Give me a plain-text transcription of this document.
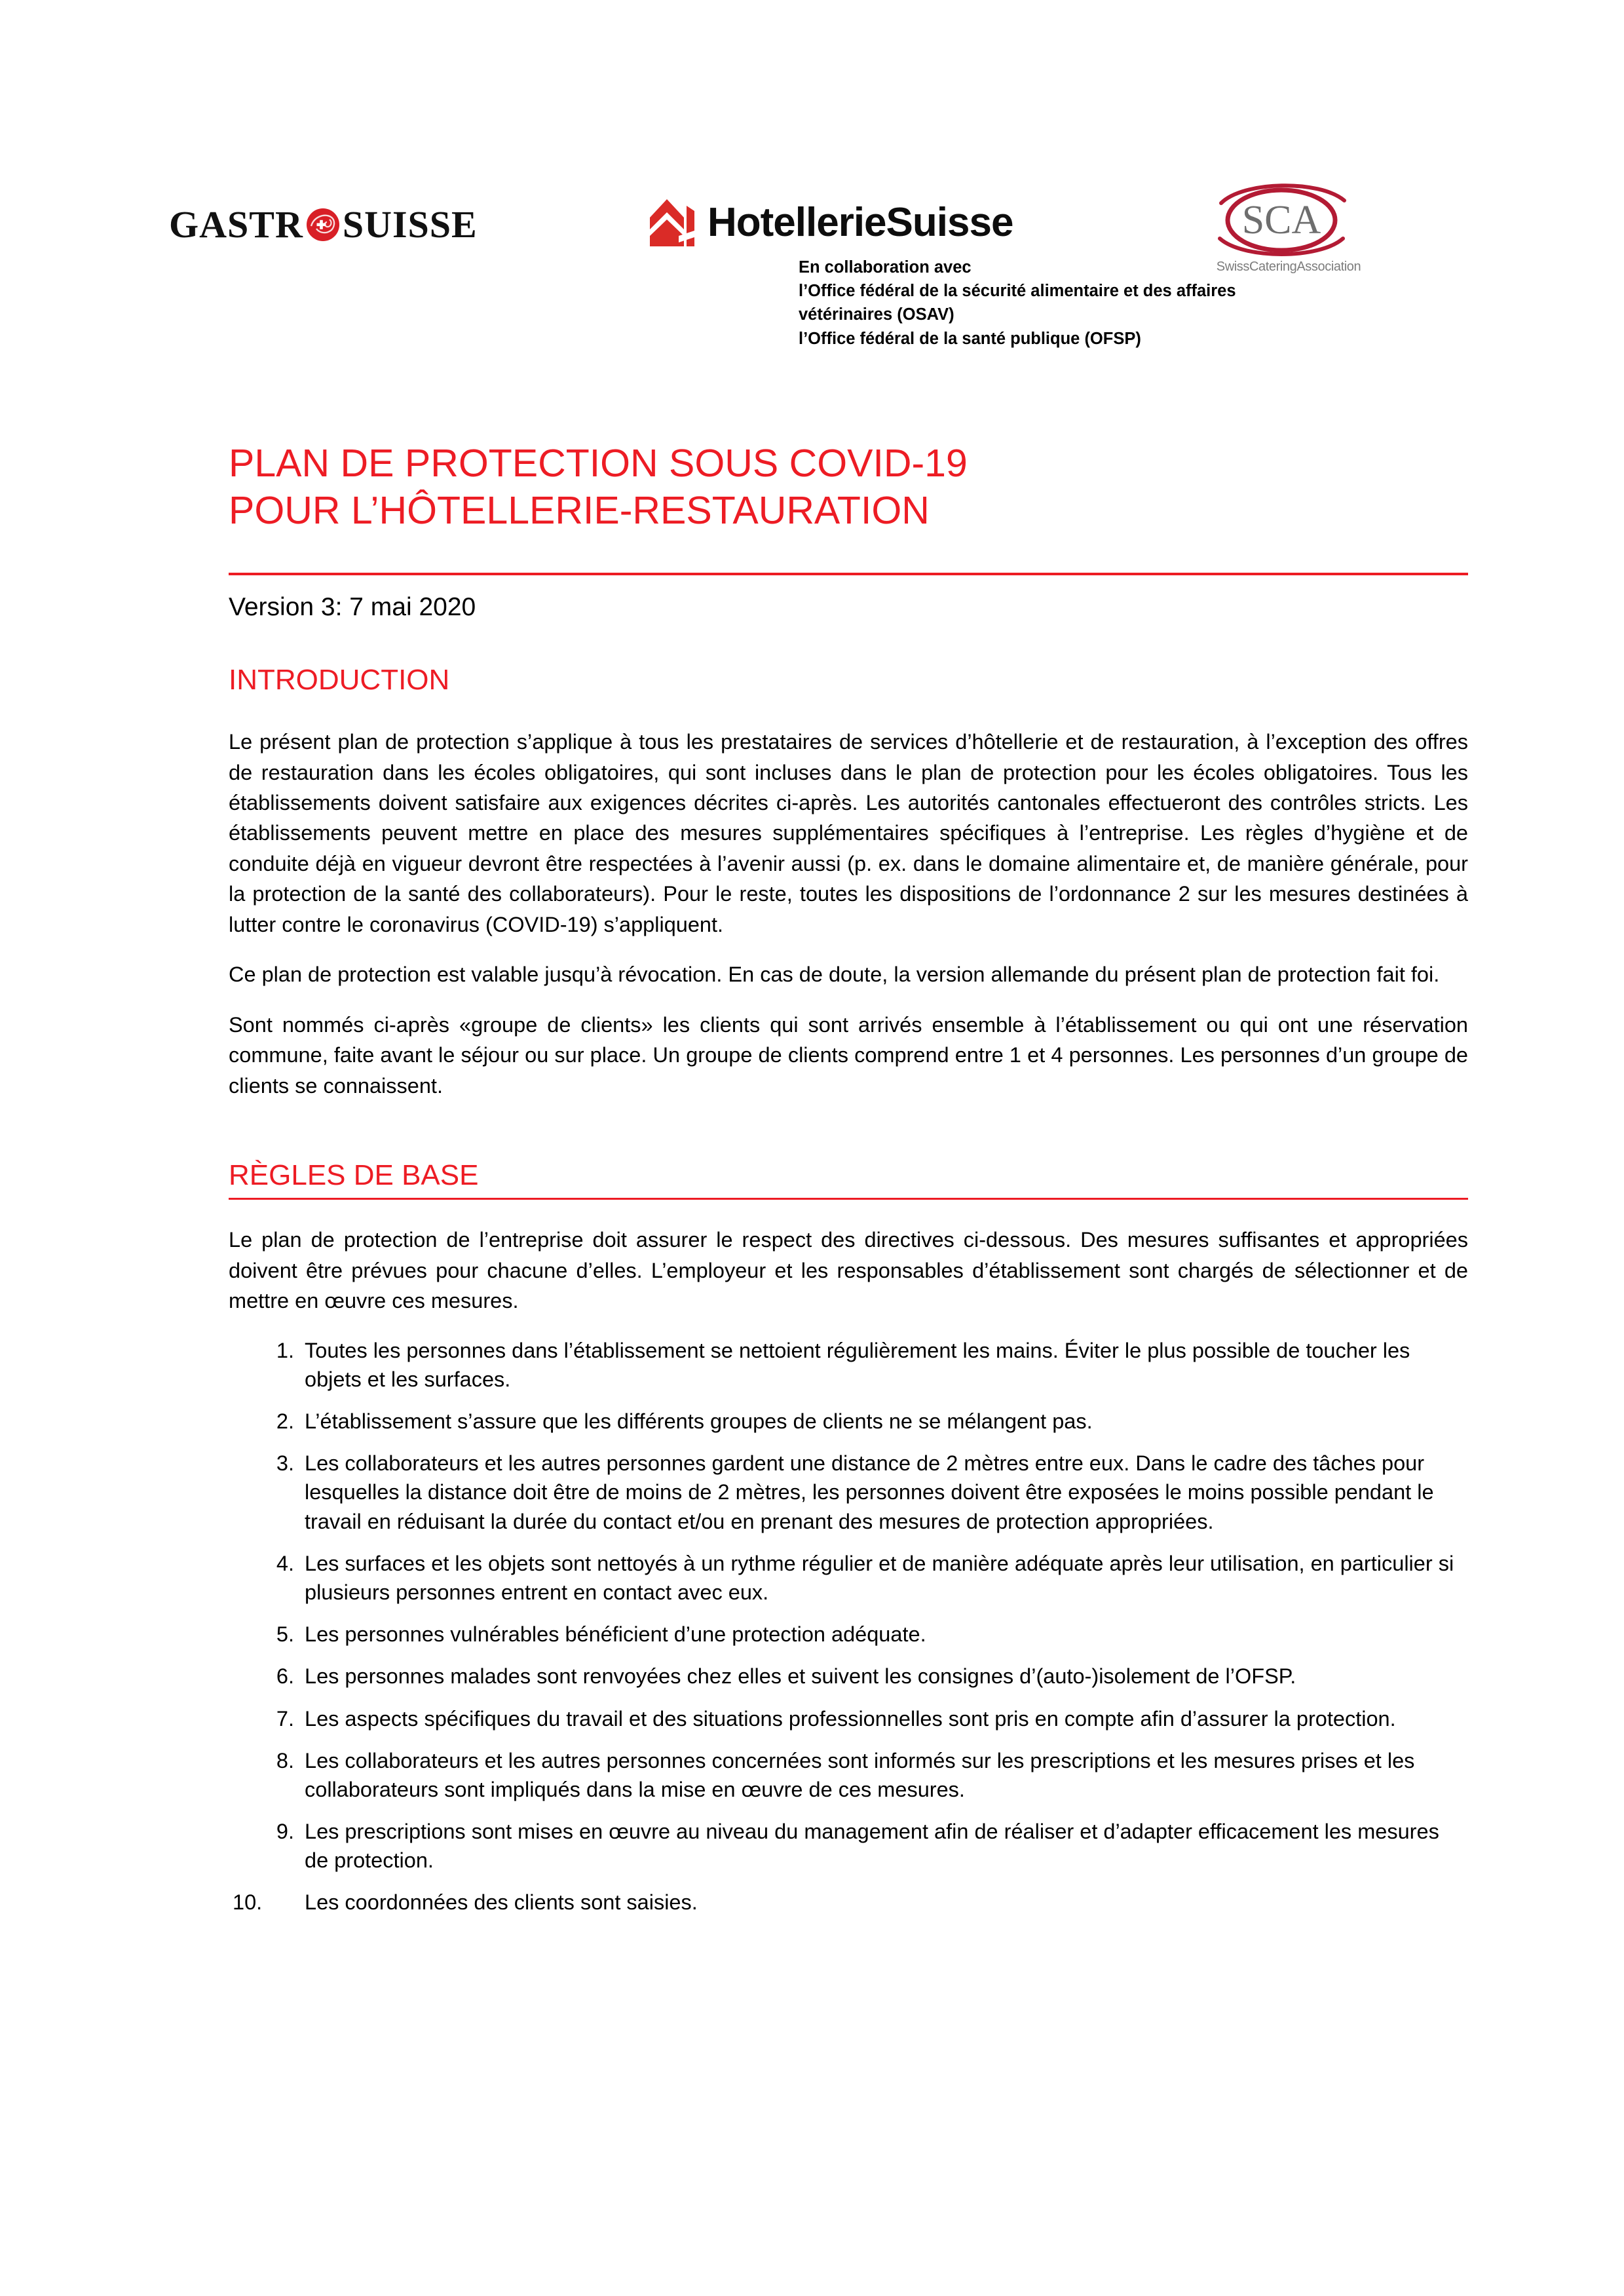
GASTR SUISSE	HotellerieSuisse	SCA
SwissCateringAssociation
En collaboration avec
l’Office fédéral de la sécurité alimentaire et des affaires
vétérinaires (OSAV)
l’Office fédéral de la santé publique (OFSP)
PLAN DE PROTECTION SOUS COVID-19
POUR L’HÔTELLERIE-RESTAURATION
Version 3: 7 mai 2020
INTRODUCTION

Le présent plan de protection s’applique à tous les prestataires de services d’hôtellerie et de restauration, à l’exception des offres de restauration dans les écoles obligatoires, qui sont incluses dans le plan de protection pour les écoles obligatoires. Tous les établissements doivent satisfaire aux exigences décrites ci-après. Les autorités cantonales effectueront des contrôles stricts. Les établissements peuvent mettre en place des mesures supplémentaires spécifiques à l’entreprise. Les règles d’hygiène et de conduite déjà en vigueur devront être respectées à l’avenir aussi (p. ex. dans le domaine alimentaire et, de manière générale, pour la protection de la santé des collaborateurs). Pour le reste, toutes les dispositions de l’ordonnance 2 sur les mesures destinées à lutter contre le coronavirus (COVID-19) s’appliquent.

Ce plan de protection est valable jusqu’à révocation. En cas de doute, la version allemande du présent plan de protection fait foi.

Sont nommés ci-après «groupe de clients» les clients qui sont arrivés ensemble à l’établissement ou qui ont une réservation commune, faite avant le séjour ou sur place. Un groupe de clients comprend entre 1 et 4 personnes. Les personnes d’un groupe de clients se connaissent.

RÈGLES DE BASE

Le plan de protection de l’entreprise doit assurer le respect des directives ci-dessous. Des mesures suffisantes et appropriées doivent être prévues pour chacune d’elles. L’employeur et les responsables d’établissement sont chargés de sélectionner et de mettre en œuvre ces mesures.

Toutes les personnes dans l’établissement se nettoient régulièrement les mains. Éviter le plus possible de toucher les objets et les surfaces.
L’établissement s’assure que les différents groupes de clients ne se mélangent pas.
Les collaborateurs et les autres personnes gardent une distance de 2 mètres entre eux. Dans le cadre des tâches pour lesquelles la distance doit être de moins de 2 mètres, les personnes doivent être exposées le moins possible pendant le travail en réduisant la durée du contact et/ou en prenant des mesures de protection appropriées.
Les surfaces et les objets sont nettoyés à un rythme régulier et de manière adéquate après leur utilisation, en particulier si plusieurs personnes entrent en contact avec eux.
Les personnes vulnérables bénéficient d’une protection adéquate.
Les personnes malades sont renvoyées chez elles et suivent les consignes d’(auto-)isolement de l’OFSP.
Les aspects spécifiques du travail et des situations professionnelles sont pris en compte afin d’assurer la protection.
Les collaborateurs et les autres personnes concernées sont informés sur les prescriptions et les mesures prises et les collaborateurs sont impliqués dans la mise en œuvre de ces mesures.
Les prescriptions sont mises en œuvre au niveau du management afin de réaliser et d’adapter efficacement les mesures de protection.
Les coordonnées des clients sont saisies.
